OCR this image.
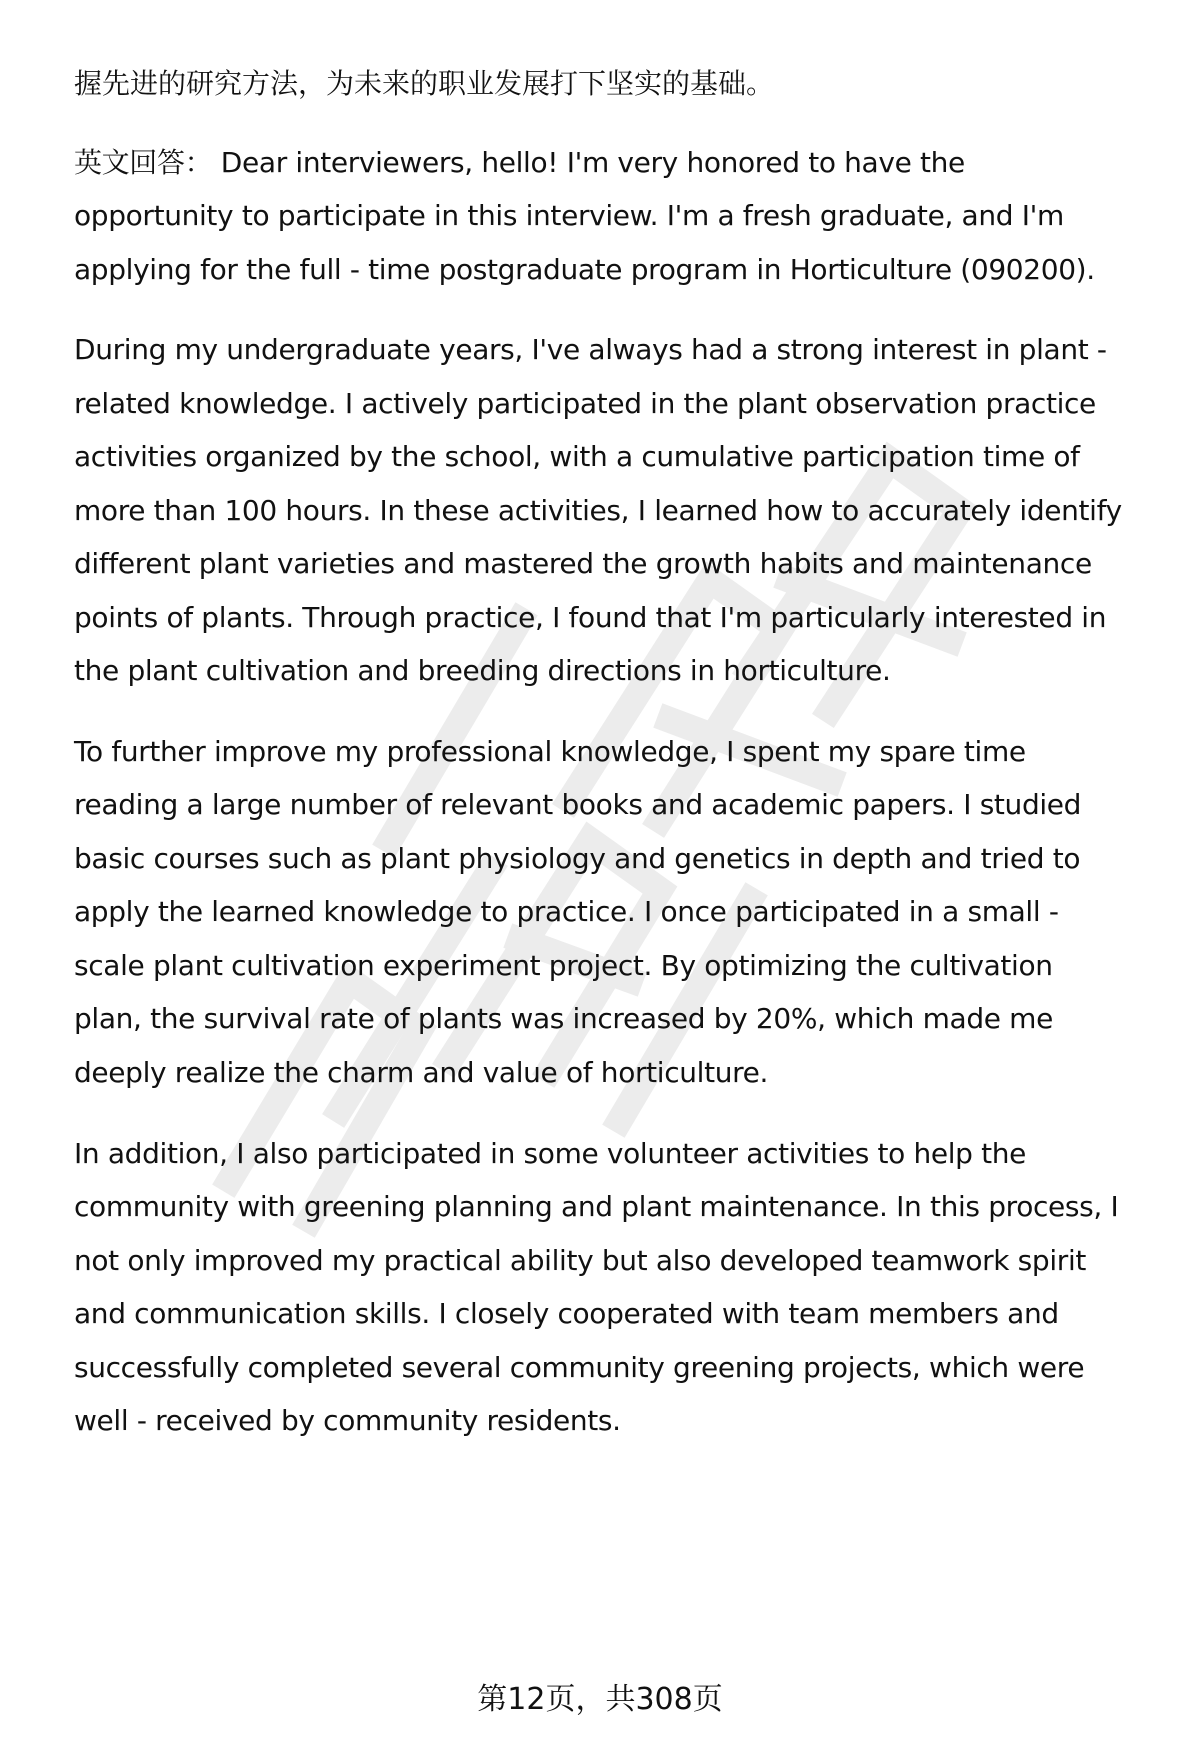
握先进的研究方法，为未来的职业发展打下坚实的基础。
英文回答： Dear interviewers, hello! I'm very honored to have the
opportunity to participate in this interview. I'm a fresh graduate, and I'm
applying for the full - time postgraduate program in Horticulture (090200).
During my undergraduate years, I've always had a strong interest in plant -
related knowledge. I actively participated in the plant observation practice
activities organized by the school, with a cumulative participation time of
more than 100 hours. In these activities, I learned how to accurately identify
different plant varieties and mastered the growth habits and maintenance
points of plants. Through practice, I found that I'm particularly interested in
the plant cultivation and breeding directions in horticulture.
To further improve my professional knowledge, I spent my spare time
reading a large number of relevant books and academic papers. I studied
basic courses such as plant physiology and genetics in depth and tried to
apply the learned knowledge to practice. I once participated in a small -
scale plant cultivation experiment project. By optimizing the cultivation
plan, the survival rate of plants was increased by 20%, which made me
deeply realize the charm and value of horticulture.
In addition, I also participated in some volunteer activities to help the
community with greening planning and plant maintenance. In this process, I
not only improved my practical ability but also developed teamwork spirit
and communication skills. I closely cooperated with team members and
successfully completed several community greening projects, which were
well - received by community residents.
第12页，共308页
